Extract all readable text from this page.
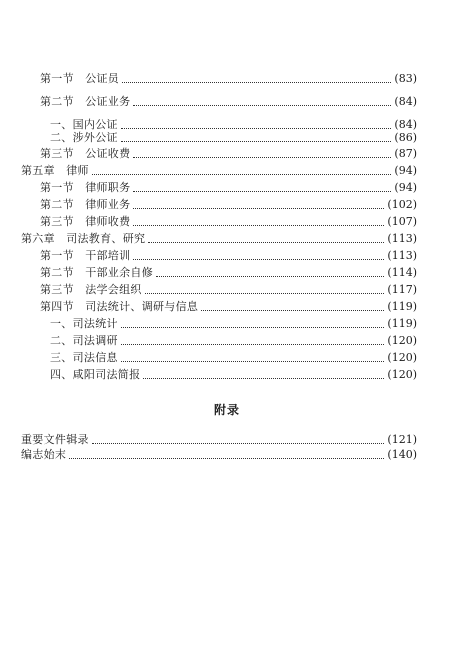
第一节　公证员	(83)
第二节　公证业务	(84)
一、国内公证	(84)
二、涉外公证	(86)
第三节　公证收费	(87)
第五章　律师	(94)
第一节　律师职务	(94)
第二节　律师业务	(102)
第三节　律师收费	(107)
第六章　司法教育、研究	(113)
第一节　干部培训	(113)
第二节　干部业余自修	(114)
第三节　法学会组织	(117)
第四节　司法统计、调研与信息	(119)
一、司法统计	(119)
二、司法调研	(120)
三、司法信息	(120)
四、咸阳司法简报	(120)
附录
重要文件辑录	(121)
编志始末	(140)
